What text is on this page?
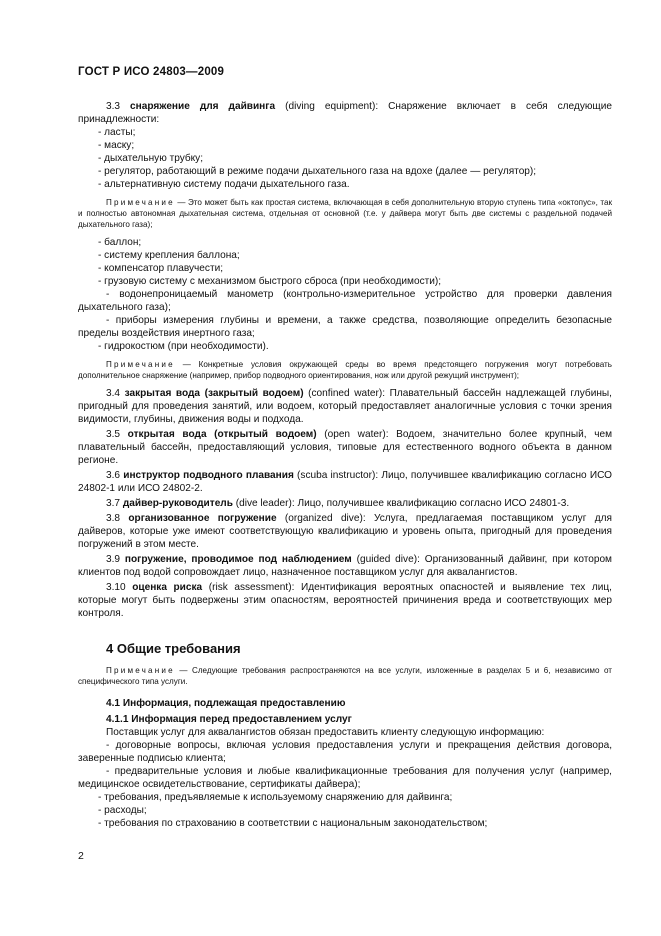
ГОСТ Р ИСО 24803—2009

3.3 снаряжение для дайвинга (diving equipment): Снаряжение включает в себя следующие принадлежности:

- ласты;

- маску;

- дыхательную трубку;

- регулятор, работающий в режиме подачи дыхательного газа на вдохе (далее — регулятор);

- альтернативную систему подачи дыхательного газа.

Примечание — Это может быть как простая система, включающая в себя дополнительную вторую ступень типа «октопус», так и полностью автономная дыхательная система, отдельная от основной (т.е. у дайвера могут быть две системы с раздельной подачей дыхательного газа);

- баллон;

- систему крепления баллона;

- компенсатор плавучести;

- грузовую систему с механизмом быстрого сброса (при необходимости);

- водонепроницаемый манометр (контрольно-измерительное устройство для проверки давления дыхательного газа);

- приборы измерения глубины и времени, а также средства, позволяющие определить безопасные пределы воздействия инертного газа;

- гидрокостюм (при необходимости).

Примечание — Конкретные условия окружающей среды во время предстоящего погружения могут потребовать дополнительное снаряжение (например, прибор подводного ориентирования, нож или другой режущий инструмент);

3.4 закрытая вода (закрытый водоем) (confined water): Плавательный бассейн надлежащей глубины, пригодный для проведения занятий, или водоем, который предоставляет аналогичные условия с точки зрения видимости, глубины, движения воды и подхода.

3.5 открытая вода (открытый водоем) (open water): Водоем, значительно более крупный, чем плавательный бассейн, предоставляющий условия, типовые для естественного водного объекта в данном регионе.

3.6 инструктор подводного плавания (scuba instructor): Лицо, получившее квалификацию согласно ИСО 24802-1 или ИСО 24802-2.

3.7 дайвер-руководитель (dive leader): Лицо, получившее квалификацию согласно ИСО 24801-3.

3.8 организованное погружение (organized dive): Услуга, предлагаемая поставщиком услуг для дайверов, которые уже имеют соответствующую квалификацию и уровень опыта, пригодный для проведения погружений в этом месте.

3.9 погружение, проводимое под наблюдением (guided dive): Организованный дайвинг, при котором клиентов под водой сопровождает лицо, назначенное поставщиком услуг для аквалангистов.

3.10 оценка риска (risk assessment): Идентификация вероятных опасностей и выявление тех лиц, которые могут быть подвержены этим опасностям, вероятностей причинения вреда и соответствующих мер контроля.

4 Общие требования

Примечание — Следующие требования распространяются на все услуги, изложенные в разделах 5 и 6, независимо от специфического типа услуги.

4.1 Информация, подлежащая предоставлению
4.1.1 Информация перед предоставлением услуг

Поставщик услуг для аквалангистов обязан предоставить клиенту следующую информацию:

- договорные вопросы, включая условия предоставления услуги и прекращения действия договора, заверенные подписью клиента;

- предварительные условия и любые квалификационные требования для получения услуг (например, медицинское освидетельствование, сертификаты дайвера);

- требования, предъявляемые к используемому снаряжению для дайвинга;

- расходы;

- требования по страхованию в соответствии с национальным законодательством;

2
